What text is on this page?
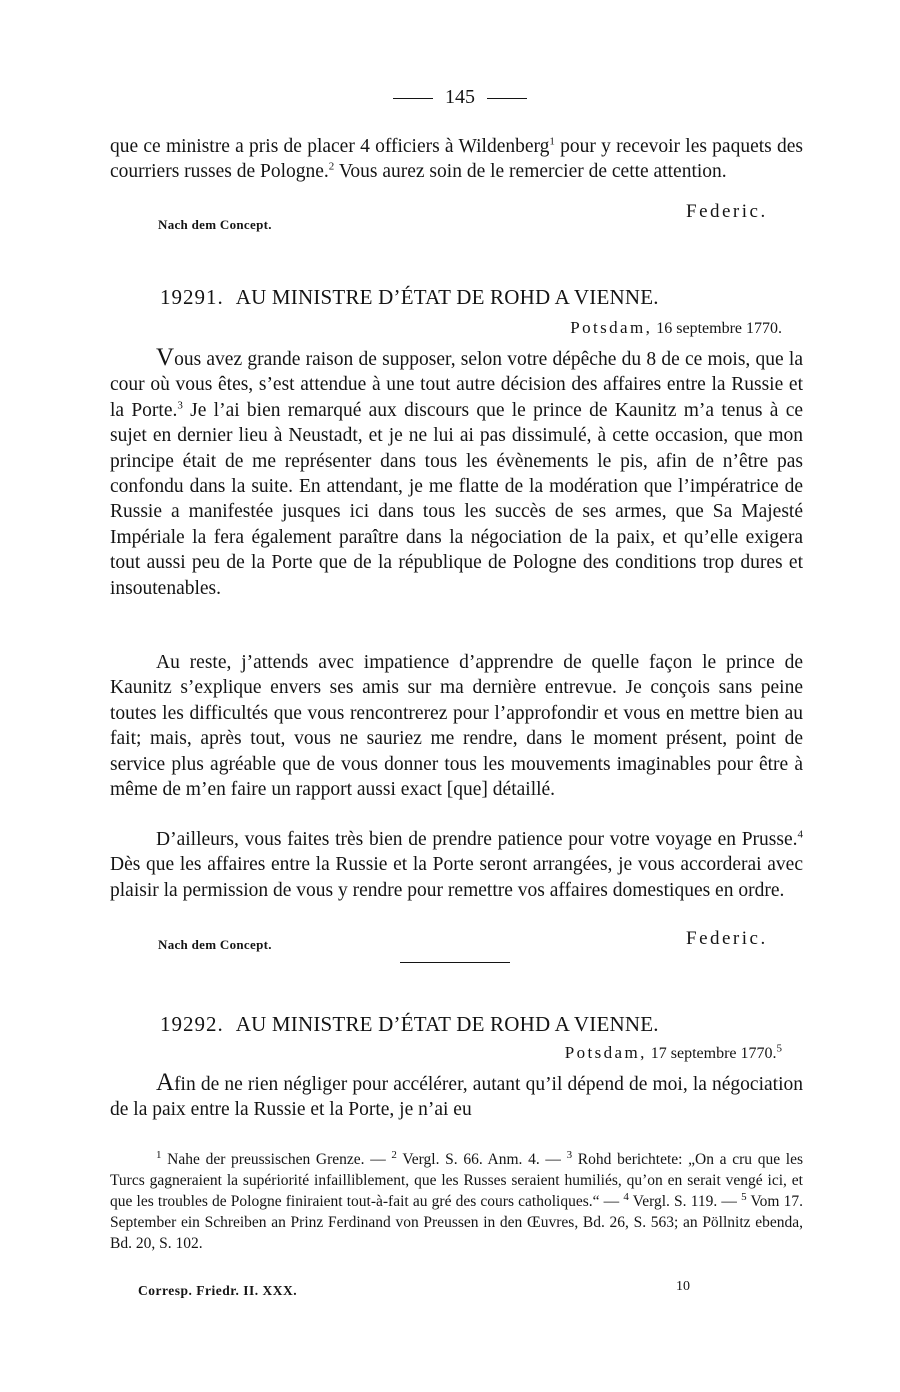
145

que ce ministre a pris de placer 4 officiers à Wildenberg$^1$ pour y recevoir les paquets des courriers russes de Pologne.$^2$ Vous aurez soin de le remercier de cette attention.

Federic.
Nach dem Concept.
19291. AU MINISTRE D’ÉTAT DE ROHD A VIENNE.
Potsdam, 16 septembre 1770.

Vous avez grande raison de supposer, selon votre dépêche du 8 de ce mois, que la cour où vous êtes, s’est attendue à une tout autre décision des affaires entre la Russie et la Porte.$^3$ Je l’ai bien remarqué aux discours que le prince de Kaunitz m’a tenus à ce sujet en dernier lieu à Neustadt, et je ne lui ai pas dissimulé, à cette occasion, que mon principe était de me représenter dans tous les évènements le pis, afin de n’être pas confondu dans la suite. En attendant, je me flatte de la modération que l’impératrice de Russie a manifestée jusques ici dans tous les succès de ses armes, que Sa Majesté Impériale la fera également paraître dans la négociation de la paix, et qu’elle exigera tout aussi peu de la Porte que de la république de Pologne des conditions trop dures et insoutenables.

Au reste, j’attends avec impatience d’apprendre de quelle façon le prince de Kaunitz s’explique envers ses amis sur ma dernière entrevue. Je conçois sans peine toutes les difficultés que vous rencontrerez pour l’approfondir et vous en mettre bien au fait; mais, après tout, vous ne sauriez me rendre, dans le moment présent, point de service plus agréable que de vous donner tous les mouvements imaginables pour être à même de m’en faire un rapport aussi exact [que] détaillé.

D’ailleurs, vous faites très bien de prendre patience pour votre voyage en Prusse.$^4$ Dès que les affaires entre la Russie et la Porte seront arrangées, je vous accorderai avec plaisir la permission de vous y rendre pour remettre vos affaires domestiques en ordre.

Nach dem Concept.	Federic.
19292. AU MINISTRE D’ÉTAT DE ROHD A VIENNE.
Potsdam, 17 septembre 1770.$^5$

Afin de ne rien négliger pour accélérer, autant qu’il dépend de moi, la négociation de la paix entre la Russie et la Porte, je n’ai eu

$^1$ Nahe der preussischen Grenze. — $^2$ Vergl. S. 66. Anm. 4. — $^3$ Rohd berichtete: „On a cru que les Turcs gagneraient la supériorité infailliblement, que les Russes seraient humiliés, qu’on en serait vengé ici, et que les troubles de Pologne finiraient tout-à-fait au gré des cours catholiques.“ — $^4$ Vergl. S. 119. — $^5$ Vom 17. September ein Schreiben an Prinz Ferdinand von Preussen in den Œuvres, Bd. 26, S. 563; an Pöllnitz ebenda, Bd. 20, S. 102.

Corresp. Friedr. II. XXX.	10
